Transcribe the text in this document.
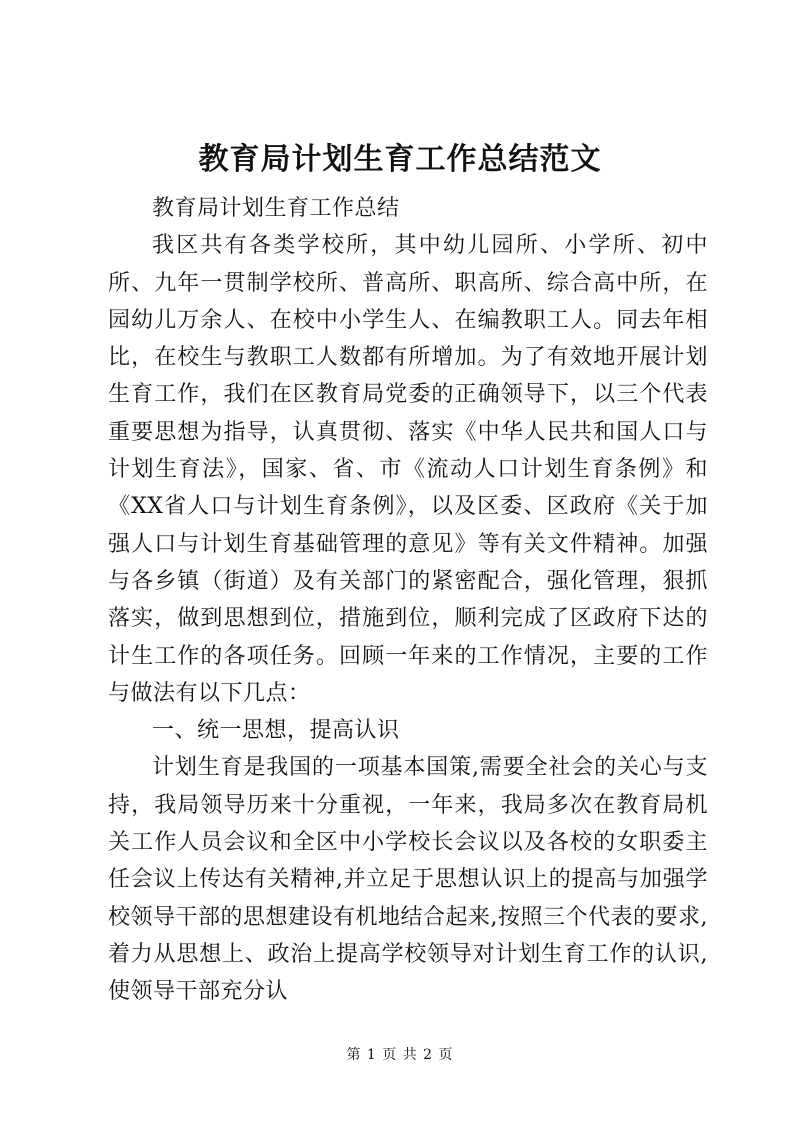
教育局计划生育工作总结范文

教育局计划生育工作总结

我区共有各类学校所，其中幼儿园所、小学所、初中所、九年一贯制学校所、普高所、职高所、综合高中所，在园幼儿万余人、在校中小学生人、在编教职工人。同去年相比，在校生与教职工人数都有所增加。为了有效地开展计划生育工作，我们在区教育局党委的正确领导下，以三个代表重要思想为指导，认真贯彻、落实《中华人民共和国人口与计划生育法》，国家、省、市《流动人口计划生育条例》和《XX省人口与计划生育条例》，以及区委、区政府《关于加强人口与计划生育基础管理的意见》等有关文件精神。加强与各乡镇（街道）及有关部门的紧密配合，强化管理，狠抓落实，做到思想到位，措施到位，顺利完成了区政府下达的计生工作的各项任务。回顾一年来的工作情况，主要的工作与做法有以下几点：

一、统一思想，提高认识

计划生育是我国的一项基本国策,需要全社会的关心与支持，我局领导历来十分重视，一年来，我局多次在教育局机关工作人员会议和全区中小学校长会议以及各校的女职委主任会议上传达有关精神,并立足于思想认识上的提高与加强学校领导干部的思想建设有机地结合起来,按照三个代表的要求,着力从思想上、政治上提高学校领导对计划生育工作的认识,使领导干部充分认

第 1 页 共 2 页
